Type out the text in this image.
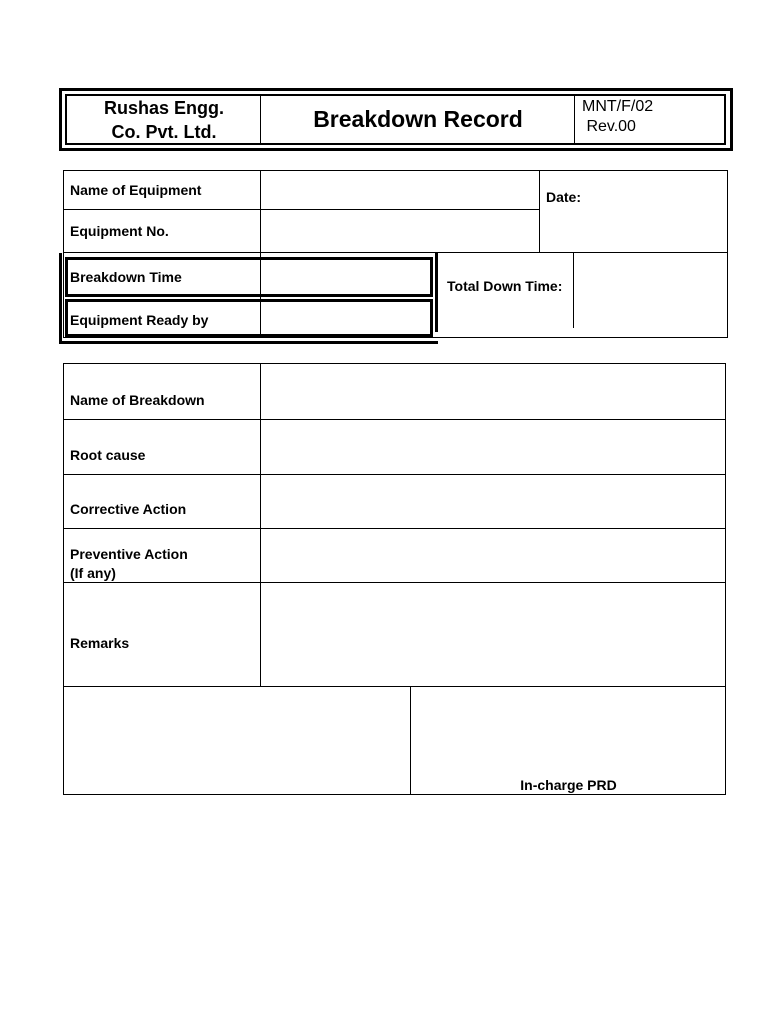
Rushas Engg.
Co. Pvt. Ltd.	Breakdown Record	MNT/F/02
Rev.00
Name of Equipment
Equipment No.
Date:
Breakdown Time
Equipment Ready by
Total Down Time:
Name of Breakdown
Root cause
Corrective Action
Preventive Action
(If any)
Remarks
In-charge PRD
